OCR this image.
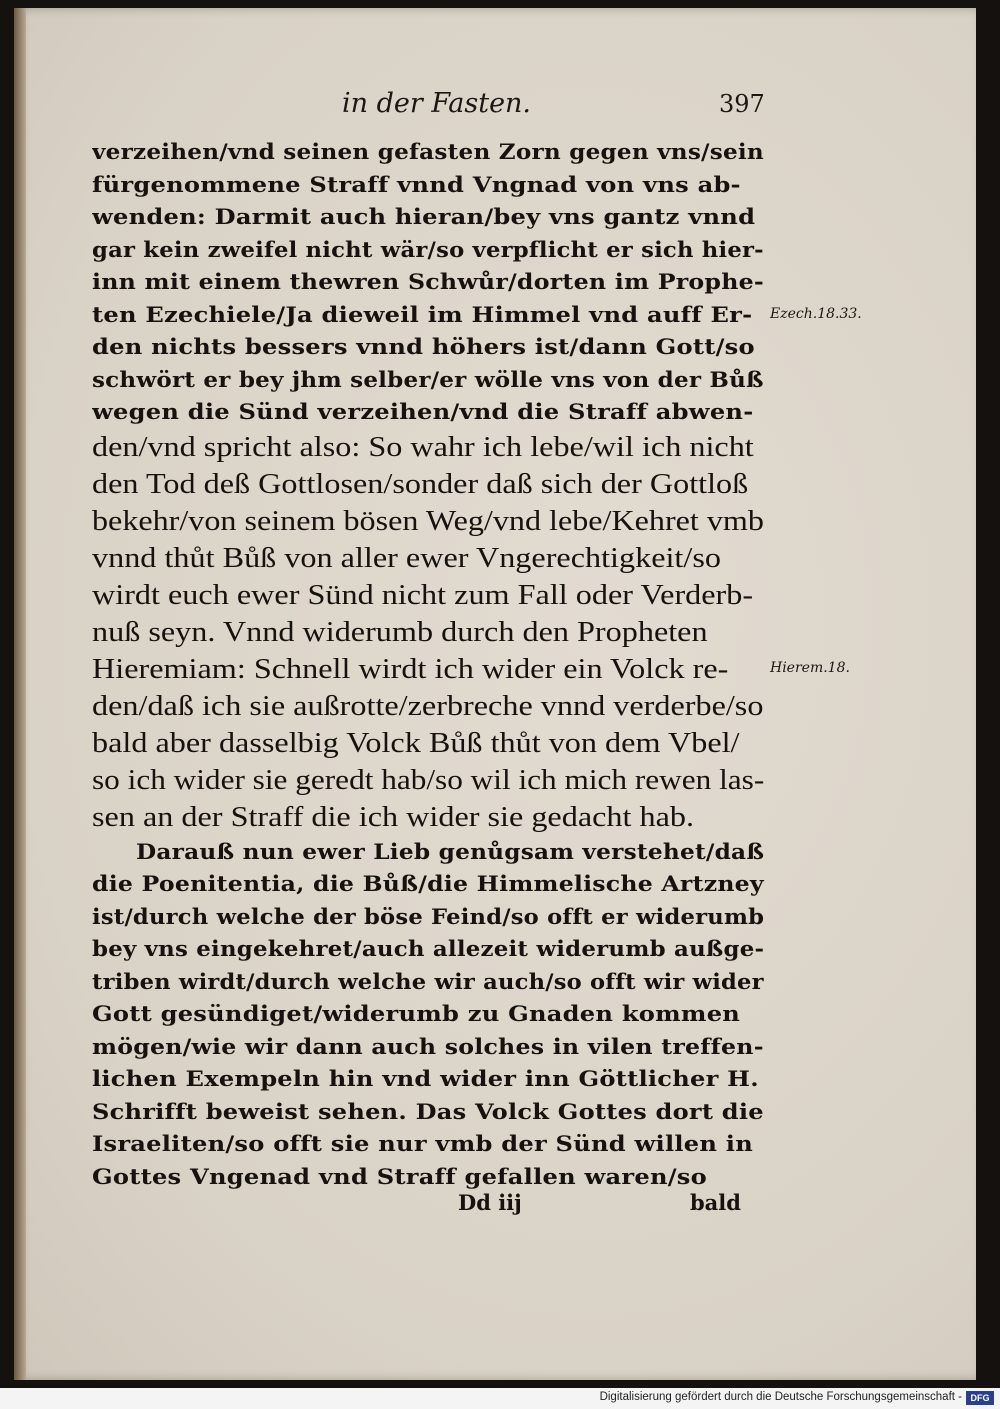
in der Fasten.	397
verzeihen/vnd seinen gefasten Zorn gegen vns/sein
fürgenommene Straff vnnd Vngnad von vns ab-
wenden: Darmit auch hieran/bey vns gantz vnnd
gar kein zweifel nicht wär/so verpflicht er sich hier-
inn mit einem thewren Schwůr/dorten im Prophe-
ten Ezechiele/Ja dieweil im Himmel vnd auff Er-
den nichts bessers vnnd höhers ist/dann Gott/so
schwört er bey jhm selber/er wölle vns von der Bůß
wegen die Sünd verzeihen/vnd die Straff abwen-
den/vnd spricht also: So wahr ich lebe/wil ich nicht
den Tod deß Gottlosen/sonder daß sich der Gottloß
bekehr/von seinem bösen Weg/vnd lebe/Kehret vmb
vnnd thůt Bůß von aller ewer Vngerechtigkeit/so
wirdt euch ewer Sünd nicht zum Fall oder Verderb-
nuß seyn. Vnnd widerumb durch den Propheten
Hieremiam: Schnell wirdt ich wider ein Volck re-
den/daß ich sie außrotte/zerbreche vnnd verderbe/so
bald aber dasselbig Volck Bůß thůt von dem Vbel/
so ich wider sie geredt hab/so wil ich mich rewen las-
sen an der Straff die ich wider sie gedacht hab.
Darauß nun ewer Lieb genůgsam verstehet/daß
die Poenitentia, die Bůß/die Himmelische Artzney
ist/durch welche der böse Feind/so offt er widerumb
bey vns eingekehret/auch allezeit widerumb außge-
triben wirdt/durch welche wir auch/so offt wir wider
Gott gesündiget/widerumb zu Gnaden kommen
mögen/wie wir dann auch solches in vilen treffen-
lichen Exempeln hin vnd wider inn Göttlicher H.
Schrifft beweist sehen. Das Volck Gottes dort die
Israeliten/so offt sie nur vmb der Sünd willen in
Gottes Vngenad vnd Straff gefallen waren/so
Ezech.18.33.
Hierem.18.
Dd iij	bald
Digitalisierung gefördert durch die Deutsche Forschungsgemeinschaft - DFG
